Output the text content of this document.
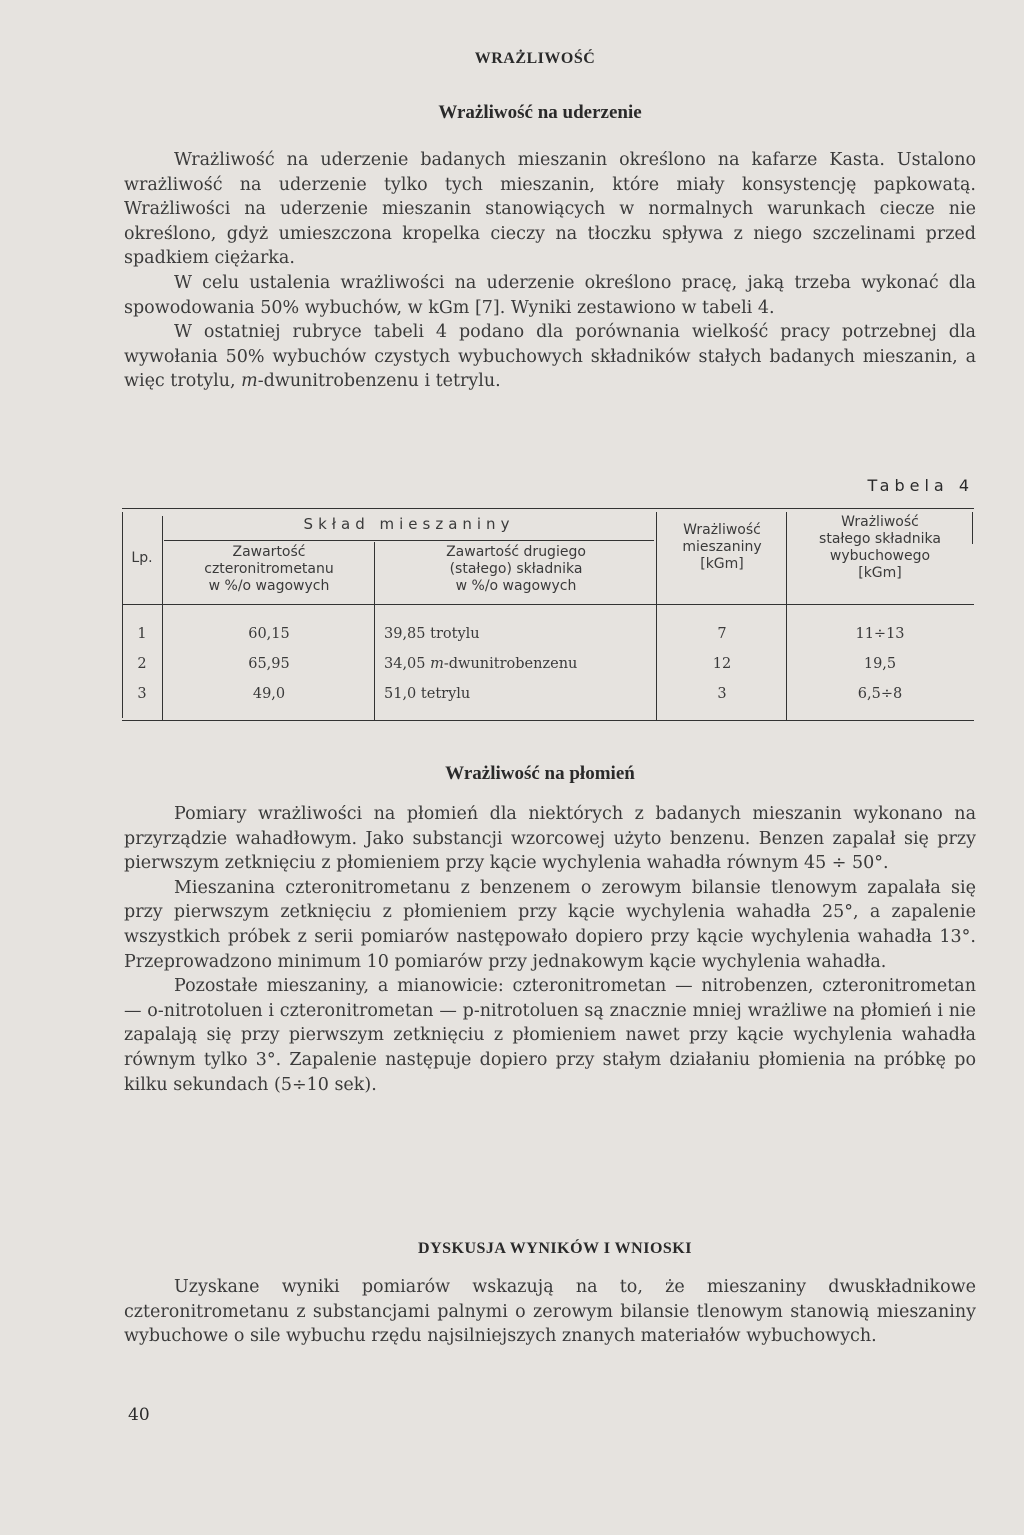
WRAŻLIWOŚĆ
Wrażliwość na uderzenie

Wrażliwość na uderzenie badanych mieszanin określono na kafarze Kasta. Ustalono wrażliwość na uderzenie tylko tych mieszanin, które miały konsystencję papkowatą. Wrażliwości na uderzenie mieszanin stanowiących w normalnych warunkach ciecze nie określono, gdyż umieszczona kropelka cieczy na tłoczku spływa z niego szczelinami przed spadkiem ciężarka.

W celu ustalenia wrażliwości na uderzenie określono pracę, jaką trzeba wykonać dla spowodowania 50% wybuchów, w kGm [7]. Wyniki zestawiono w tabeli 4.

W ostatniej rubryce tabeli 4 podano dla porównania wielkość pracy potrzebnej dla wywołania 50% wybuchów czystych wybuchowych składników stałych badanych mieszanin, a więc trotylu, m-dwunitrobenzenu i tetrylu.

Tabela 4
Lp.
Skład mieszaniny
Zawartość
czteronitrometanu
w %/o wagowych
Zawartość drugiego
(stałego) składnika
w %/o wagowych
Wrażliwość
mieszaniny
[kGm]
Wrażliwość
stałego składnika
wybuchowego
[kGm]
1	60,15	39,85 trotylu	7	11÷13
2	65,95	34,05 m-dwunitrobenzenu	12	19,5
3	49,0	51,0 tetrylu	3	6,5÷8
Wrażliwość na płomień

Pomiary wrażliwości na płomień dla niektórych z badanych mieszanin wykonano na przyrządzie wahadłowym. Jako substancji wzorcowej użyto benzenu. Benzen zapalał się przy pierwszym zetknięciu z płomieniem przy kącie wychylenia wahadła równym 45 ÷ 50°.

Mieszanina czteronitrometanu z benzenem o zerowym bilansie tlenowym zapalała się przy pierwszym zetknięciu z płomieniem przy kącie wychylenia wahadła 25°, a zapalenie wszystkich próbek z serii pomiarów następowało dopiero przy kącie wychylenia wahadła 13°. Przeprowadzono minimum 10 pomiarów przy jednakowym kącie wychylenia wahadła.

Pozostałe mieszaniny, a mianowicie: czteronitrometan — nitrobenzen, czteronitrometan — o-nitrotoluen i czteronitrometan — p-nitrotoluen są znacznie mniej wrażliwe na płomień i nie zapalają się przy pierwszym zetknięciu z płomieniem nawet przy kącie wychylenia wahadła równym tylko 3°. Zapalenie następuje dopiero przy stałym działaniu płomienia na próbkę po kilku sekundach (5÷10 sek).

DYSKUSJA WYNIKÓW I WNIOSKI

Uzyskane wyniki pomiarów wskazują na to, że mieszaniny dwuskładnikowe czteronitrometanu z substancjami palnymi o zerowym bilansie tlenowym stanowią mieszaniny wybuchowe o sile wybuchu rzędu najsilniejszych znanych materiałów wybuchowych.

40
